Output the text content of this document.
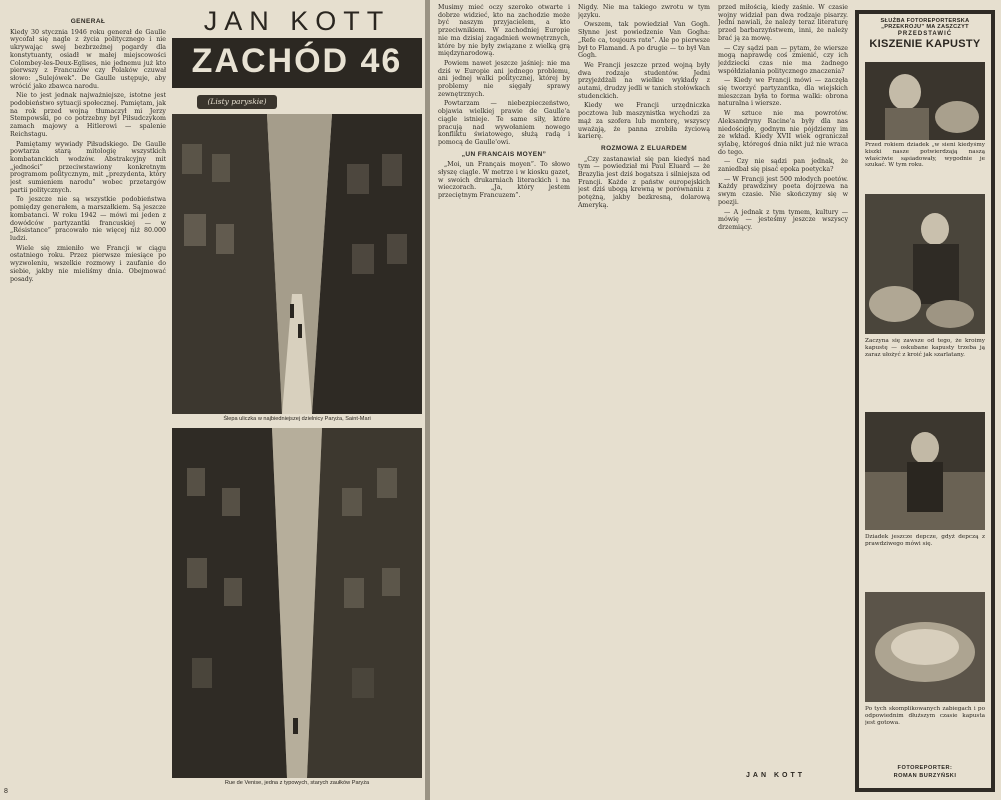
GENERAŁ

Kiedy 30 stycznia 1946 roku generał de Gaulle wycofał się nagle z życia politycznego i nie ukrywając swej bezbrzeżnej pogardy dla konstytuanty, osiadł w małej miejscowości Colombey-les-Deux-Eglises, nie jednemu już kto pierwszy z Francuzów czy Polaków czuwał słowo: „Sulejówek”. De Gaulle ustępuje, aby wrócić jako zbawca narodu.

Nie to jest jednak najważniejsze, istotne jest podobieństwo sytuacji społecznej. Pamiętam, jak na rok przed wojną tłumaczył mi Jerzy Stempowski, po co potrzebny był Piłsudczykom zamach majowy a Hitlerowi — spalenie Reichstagu.

Pamiętamy wywiady Piłsudskiego. De Gaulle powtarza starą mitologię wszystkich kombatanckich wodzów. Abstrakcyjny mit „jedności” przeciwstawiony konkretnym programom politycznym, mit „prezydenta, który jest sumieniem narodu” wobec przetargów partii politycznych.

To jeszcze nie są wszystkie podobieństwa pomiędzy generałem, a marszałkiem. Są jeszcze kombatanci. W roku 1942 — mówi mi jeden z dowódców partyzantki francuskiej — w „Résistance” pracowało nie więcej niż 80.000 ludzi.

Wiele się zmieniło we Francji w ciągu ostatniego roku. Przez pierwsze miesiące po wyzwoleniu, wszelkie rozmowy i zaufanie do siebie, jakby nie mieliśmy dnia. Obejmować posady.

JAN KOTT
ZACHÓD 46
(Listy paryskie)
Ślepa uliczka w najbiedniejszej dzielnicy Paryża, Saint-Mari
Rue de Venise, jedna z typowych, starych zaułków Paryża
8

Musimy mieć oczy szeroko otwarte i dobrze widzieć, kto na zachodzie może być naszym przyjacielem, a kto przeciwnikiem. W zachodniej Europie nie ma dzisiaj zagadnień wewnętrznych, które by nie były związane z wielką grą międzynarodową.

Powiem nawet jeszcze jaśniej: nie ma dziś w Europie ani jednego problemu, ani jednej walki politycznej, której by problemy nie sięgały sprawy zewnętrznych.

Powtarzam — niebezpieczeństwo, objawia wielkiej prawie de Gaulle'a ciągle istnieje. Te same siły, które pracują nad wywołaniem nowego konfliktu światowego, służą radą i pomocą de Gaulle'owi.

„UN FRANCAIS MOYEN”

„Moi, un Français moyen”. To słowo słyszę ciągle. W metrze i w kiosku gazet, w swoich drukarniach literackich i na wieczorach. „Ja, który jestem przeciętnym Francuzem”.

Nigdy. Nie ma takiego zwrotu w tym języku.

Owszem, tak powiedział Van Gogh. Słynne jest powiedzenie Van Gogha: „Refe ca, toujours rate”. Ale po pierwsze był to Flamand. A po drugie — to był Van Gogh.

We Francji jeszcze przed wojną były dwa rodzaje studentów. Jedni przyjeżdżali na wielkie wykłady z autami, drudzy jedli w tanich stołówkach studenckich.

Kiedy we Francji urzędniczka pocztowa lub maszynistka wychodzi za mąż za szofera lub monterę, wszyscy uważają, że panna zrobiła życiową karierę.

ROZMOWA Z ELUARDEM

„Czy zastanawiał się pan kiedyś nad tym — powiedział mi Paul Eluard — że Brazylia jest dziś bogatsza i silniejsza od Francji. Każde z państw europejskich jest dziś ubogą krewną w porównaniu z potężną, jakby bezkresną, dolarową Ameryką.

przed miłością, kiedy zaśnie. W czasie wojny widział pan dwa rodzaje pisarzy. Jedni nawiali, że należy teraz literaturę przed barbarzyństwem, inni, że należy brać ją za mowę.

— Czy sądzi pan — pytam, że wiersze mogą naprawdę coś zmienić, czy ich jeździecki czas nie ma żadnego współdziałania politycznego znaczenia?

— Kiedy we Francji mówi — zaczęła się tworzyć partyzantka, dla wiejskich mieszczan była to forma walki: obrona naturalna i wiersze.

W sztuce nie ma powrotów. Aleksandryny Racine'a były dla nas niedościgłe, godnym nie pójdziemy im ze wkład. Kiedy XVII wiek ograniczał sylabę, któregoś dnia nikt już nie wraca do tego.

— Czy nie sądzi pan jednak, że zaniedbał się pisać epoka poetycka?

— W Francji jest 500 młodych poetów. Każdy prawdziwy poeta dojrzewa na swym czasie. Nie skończymy się w poezji.

— A jednak z tym tymem, kultury — mówię — jesteśmy jeszcze wszyscy drzemiący.

JAN KOTT
SŁUŻBA FOTOREPORTERSKA
„PRZEKROJU” MA ZASZCZYT
PRZEDSTAWIĆ
KISZENIE KAPUSTY
Przed rokiem dziadek „w sieni kiedyśmy kiszki nasze potwierdzają naszą właściwie sąsiadowały, wygodnie je szukać. W tym roku.
Zaczyna się zawsze od tego, że kroimy kapustę — oskubane kapusty trzeba ją zaraz ułożyć z kroić jak szarlatany.
Dziadek jeszcze depcze, gdyż depczą z prawdziwego mówi się.
Po tych skomplikowanych zabiegach i po odpowiednim dłuższym czasie kapusta jest gotowa.
FOTOREPORTER:
ROMAN BURZYŃSKI
